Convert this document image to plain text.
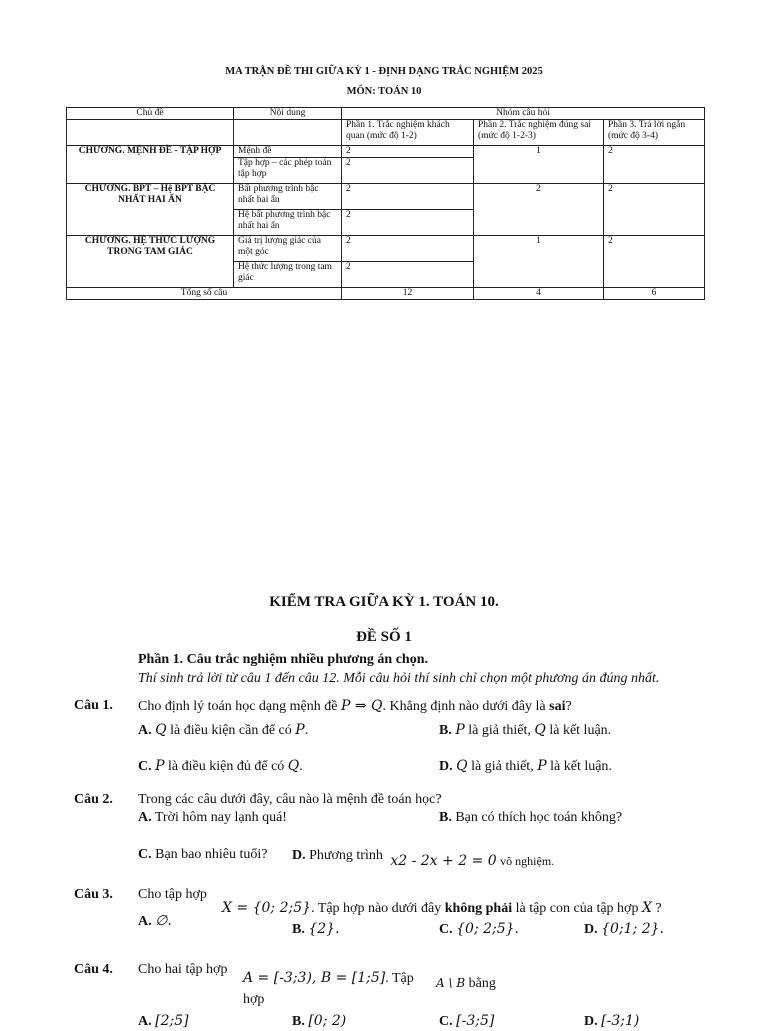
MA TRẬN ĐỀ THI GIỮA KỲ 1 - ĐỊNH DẠNG TRẮC NGHIỆM 2025
MÔN: TOÁN 10
Chủ đề	Nội dung	Nhóm câu hỏi		
		Phần 1. Trắc nghiệm khách quan (mức độ 1-2)	Phần 2. Trắc nghiệm đúng sai (mức độ 1-2-3)	Phần 3. Trả lời ngắn (mức độ 3-4)
CHƯƠNG. MỆNH ĐỀ - TẬP HỢP	Mệnh đề	2	1	2
	Tập hợp – các phép toán tập hợp	2		
CHƯƠNG. BPT – Hệ BPT BẬC NHẤT HAI ẨN	Bất phương trình bậc nhất hai ẩn	2	2	2
	Hệ bất phương trình bậc nhất hai ẩn	2		
CHƯƠNG. HỆ THỨC LƯỢNG TRONG TAM GIÁC	Giá trị lượng giác của một góc	2	1	2
	Hệ thức lượng trong tam giác	2		
Tổng số câu		12	4	6
KIỂM TRA GIỮA KỲ 1. TOÁN 10.
ĐỀ SỐ 1
Phần 1. Câu trắc nghiệm nhiều phương án chọn.
Thí sinh trả lời từ câu 1 đến câu 12. Mỗi câu hỏi thí sinh chỉ chọn một phương án đúng nhất.
Câu 1. Cho định lý toán học dạng mệnh đề P ⇒ Q. Khẳng định nào dưới đây là sai?
A. Q là điều kiện cần để có P.	B. P là giả thiết, Q là kết luận.
C. P là điều kiện đủ để có Q.	D. Q là giả thiết, P là kết luận.
Câu 2. Trong các câu dưới đây, câu nào là mệnh đề toán học?
A. Trời hôm nay lạnh quá!	B. Bạn có thích học toán không?
C. Bạn bao nhiêu tuổi? D. Phương trình x2 - 2x + 2 = 0 vô nghiệm.
Câu 3. Cho tập hợp
X = {0; 2;5}. Tập hợp nào dưới đây không phải là tập con của tập hợp X ?
A. ∅.
B. {2}.	C. {0; 2;5}.	D. {0;1; 2}.
Câu 4. Cho hai tập hợp
A = [-3;3), B = [1;5]. Tập A \ B bằng
hợp
A. [2;5]	B. [0; 2)	C. [-3;5]	D. [-3;1)
